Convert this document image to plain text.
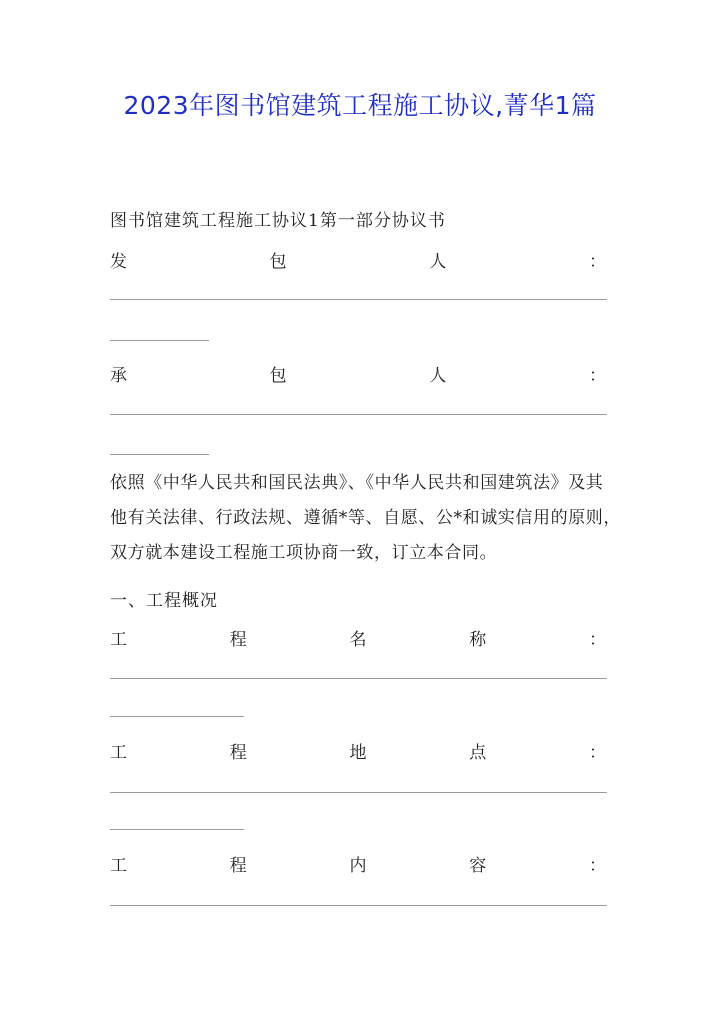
2023年图书馆建筑工程施工协议,菁华1篇
图书馆建筑工程施工协议1第一部分协议书
发	包	人	：
承	包	人	：
依照《中华人民共和国民法典》、《中华人民共和国建筑法》及其
他有关法律、行政法规、遵循*等、自愿、公*和诚实信用的原则，
双方就本建设工程施工项协商一致，订立本合同。
一、工程概况
工	程	名	称	：
工	程	地	点	：
工	程	内	容	：
